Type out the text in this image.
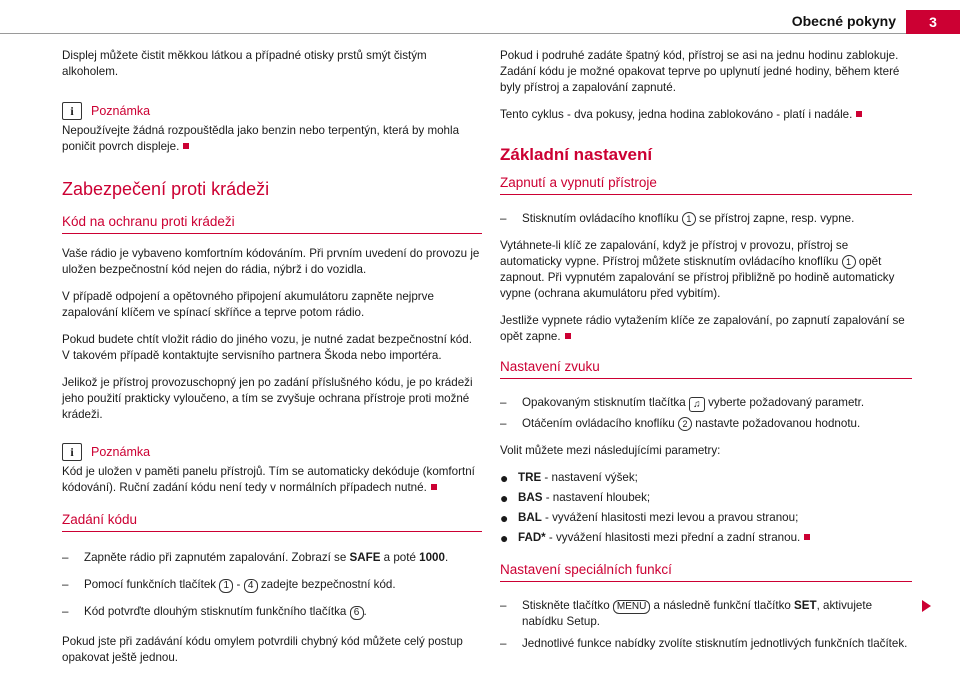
Obecné pokyny	3

Displej můžete čistit měkkou látkou a případné otisky prstů smýt čistým alkoholem.

i	Poznámka

Nepoužívejte žádná rozpouštědla jako benzin nebo terpentýn, která by mohla poničit povrch displeje.

Zabezpečení proti krádeži
Kód na ochranu proti krádeži

Vaše rádio je vybaveno komfortním kódováním. Při prvním uvedení do provozu je uložen bezpečnostní kód nejen do rádia, nýbrž i do vozidla.

V případě odpojení a opětovného připojení akumulátoru zapněte nejprve zapalování klíčem ve spínací skříňce a teprve potom rádio.

Pokud budete chtít vložit rádio do jiného vozu, je nutné zadat bezpečnostní kód. V takovém případě kontaktujte servisního partnera Škoda nebo importéra.

Jelikož je přístroj provozuschopný jen po zadání příslušného kódu, je po krádeži jeho použití prakticky vyloučeno, a tím se zvyšuje ochrana přístroje proti možné krádeži.

i	Poznámka

Kód je uložen v paměti panelu přístrojů. Tím se automaticky dekóduje (komfortní kódování). Ruční zadání kódu není tedy v normálních případech nutné.

Zadání kódu
–	Zapněte rádio při zapnutém zapalování. Zobrazí se SAFE a poté 1000.
–	Pomocí funkčních tlačítek 1 - 4 zadejte bezpečnostní kód.
–	Kód potvrďte dlouhým stisknutím funkčního tlačítka 6 .

Pokud jste při zadávání kódu omylem potvrdili chybný kód můžete celý postup opakovat ještě jednou.

Pokud i podruhé zadáte špatný kód, přístroj se asi na jednu hodinu zablokuje. Zadání kódu je možné opakovat teprve po uplynutí jedné hodiny, během které byly přístroj a zapalování zapnuté.

Tento cyklus - dva pokusy, jedna hodina zablokováno - platí i nadále.

Základní nastavení
Zapnutí a vypnutí přístroje
–	Stisknutím ovládacího knoflíku 1 se přístroj zapne, resp. vypne.

Vytáhnete-li klíč ze zapalování, když je přístroj v provozu, přístroj se automaticky vypne. Přístroj můžete stisknutím ovládacího knoflíku 1 opět zapnout. Při vypnutém zapalování se přístroj přibližně po hodině automaticky vypne (ochrana akumulátoru před vybitím).

Jestliže vypnete rádio vytažením klíče ze zapalování, po zapnutí zapalování se opět zapne.

Nastavení zvuku
–	Opakovaným stisknutím tlačítka ♫ vyberte požadovaný parametr.
–	Otáčením ovládacího knoflíku 2 nastavte požadovanou hodnotu.

Volit můžete mezi následujícími parametry:

● TRE - nastavení výšek;
● BAS - nastavení hloubek;
● BAL - vyvážení hlasitosti mezi levou a pravou stranou;
● FAD* - vyvážení hlasitosti mezi přední a zadní stranou.
Nastavení speciálních funkcí
–	Stiskněte tlačítko MENU a následně funkční tlačítko SET, aktivujete nabídku Setup.
–	Jednotlivé funkce nabídky zvolíte stisknutím jednotlivých funkčních tlačítek.
